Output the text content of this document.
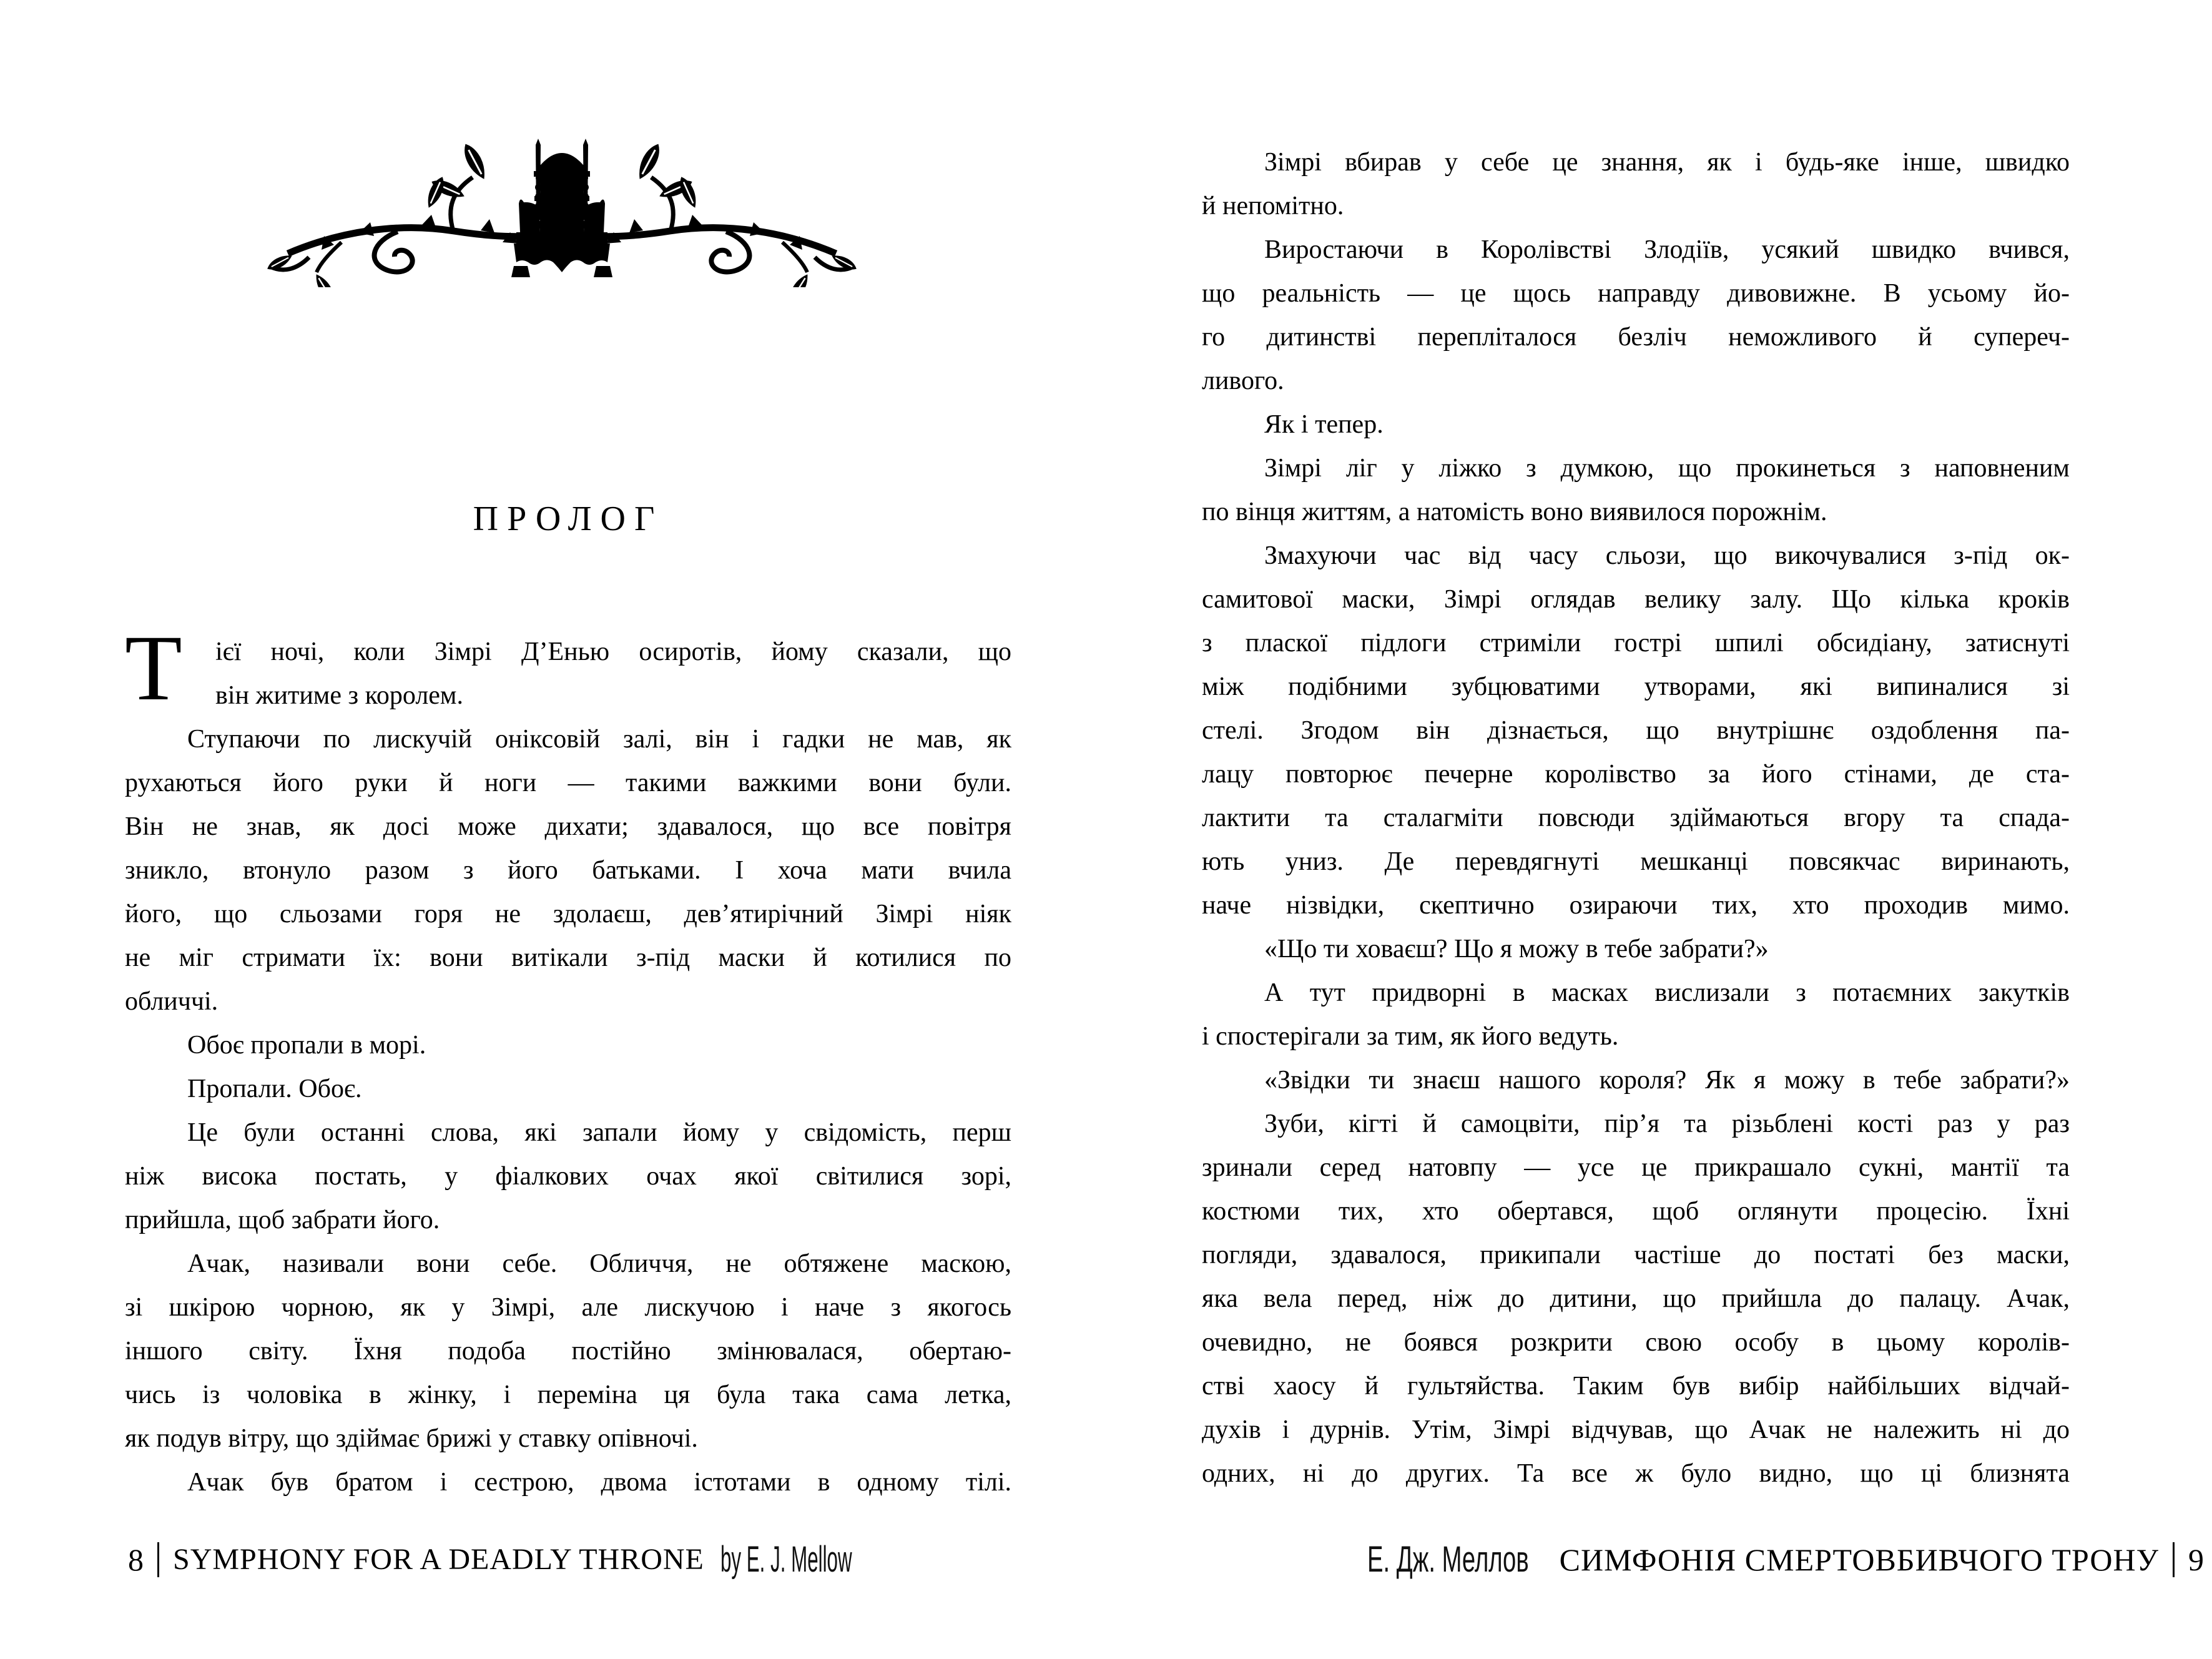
ПРОЛОГ
Т	ієї ночі, коли Зімрі Д’Енью осиротів, йому сказали, що
він житиме з королем.
Ступаючи по лискучій оніксовій залі, він і гадки не мав, як
рухаються його руки й ноги — такими важкими вони були.
Він не знав, як досі може дихати; здавалося, що все повітря
зникло, втонуло разом з його батьками. І хоча мати вчила
його, що сльозами горя не здолаєш, дев’ятирічний Зімрі ніяк
не міг стримати їх: вони витікали з-під маски й котилися по
обличчі.
Обоє пропали в морі.
Пропали. Обоє.
Це були останні слова, які запали йому у свідомість, перш
ніж висока постать, у фіалкових очах якої світилися зорі,
прийшла, щоб забрати його.
Ачак, називали вони себе. Обличчя, не обтяжене маскою,
зі шкірою чорною, як у Зімрі, але лискучою і наче з якогось
іншого світу. Їхня подоба постійно змінювалася, обертаю-
чись із чоловіка в жінку, і переміна ця була така сама летка,
як подув вітру, що здіймає брижі у ставку опівночі.
Ачак був братом і сестрою, двома істотами в одному тілі.
Зімрі вбирав у себе це знання, як і будь-яке інше, швидко
й непомітно.
Виростаючи в Королівстві Злодіїв, усякий швидко вчився,
що реальність — це щось направду дивовижне. В усьому йо-
го дитинстві перепліталося безліч неможливого й супереч-
ливого.
Як і тепер.
Зімрі ліг у ліжко з думкою, що прокинеться з наповненим
по вінця життям, а натомість воно виявилося порожнім.
Змахуючи час від часу сльози, що викочувалися з-під ок-
самитової маски, Зімрі оглядав велику залу. Що кілька кроків
з пласкої підлоги стриміли гострі шпилі обсидіану, затиснуті
між подібними зубцюватими утворами, які випиналися зі
стелі. Згодом він дізнається, що внутрішнє оздоблення па-
лацу повторює печерне королівство за його стінами, де ста-
лактити та сталагміти повсюди здіймаються вгору та спада-
ють униз. Де перевдягнуті мешканці повсякчас виринають,
наче нізвідки, скептично озираючи тих, хто проходив мимо.
«Що ти ховаєш? Що я можу в тебе забрати?»
А тут придворні в масках вислизали з потаємних закутків
і спостерігали за тим, як його ведуть.
«Звідки ти знаєш нашого короля? Як я можу в тебе забрати?»
Зуби, кігті й самоцвіти, пір’я та різьблені кості раз у раз
зринали серед натовпу — усе це прикрашало сукні, мантії та
костюми тих, хто обертався, щоб оглянути процесію. Їхні
погляди, здавалося, прикипали частіше до постаті без маски,
яка вела перед, ніж до дитини, що прийшла до палацу. Ачак,
очевидно, не боявся розкрити свою особу в цьому королів-
стві хаосу й гультяйства. Таким був вибір найбільших відчай-
духів і дурнів. Утім, Зімрі відчував, що Ачак не належить ні до
одних, ні до других. Та все ж було видно, що ці близнята
8 SYMPHONY FOR A DEADLY THRONE by E. J. Mellow	Е. Дж. Меллов СИМФОНІЯ СМЕРТОВБИВЧОГО ТРОНУ 9
